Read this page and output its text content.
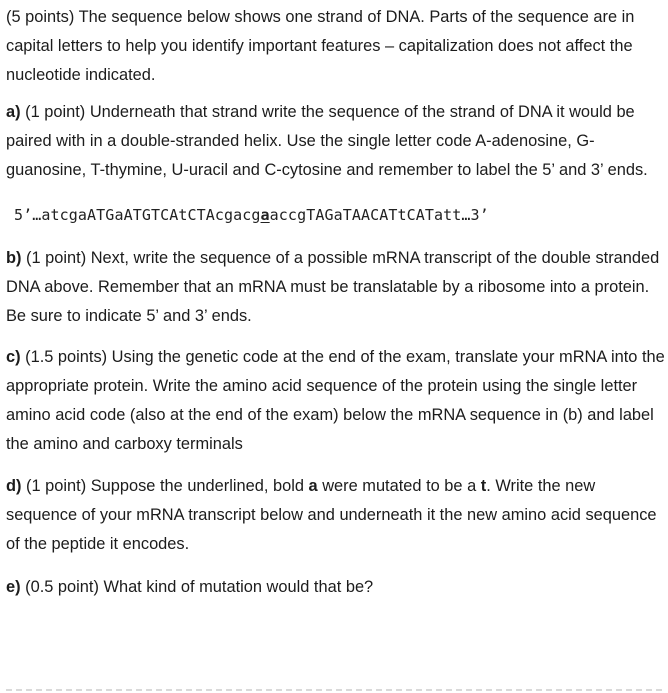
(5 points) The sequence below shows one strand of DNA. Parts of the sequence are in capital letters to help you identify important features – capitalization does not affect the nucleotide indicated.

a) (1 point) Underneath that strand write the sequence of the strand of DNA it would be paired with in a double-stranded helix. Use the single letter code A-adenosine, G-guanosine, T-thymine, U-uracil and C-cytosine and remember to label the 5’ and 3’ ends.

5’…atcgaATGaATGTCAtCTAcgacgaaccgTAGaTAACATtCATatt…3’

b) (1 point) Next, write the sequence of a possible mRNA transcript of the double stranded DNA above. Remember that an mRNA must be translatable by a ribosome into a protein. Be sure to indicate 5’ and 3’ ends.

c) (1.5 points) Using the genetic code at the end of the exam, translate your mRNA into the appropriate protein. Write the amino acid sequence of the protein using the single letter amino acid code (also at the end of the exam) below the mRNA sequence in (b) and label the amino and carboxy terminals

d) (1 point) Suppose the underlined, bold a were mutated to be a t. Write the new sequence of your mRNA transcript below and underneath it the new amino acid sequence of the peptide it encodes.

e) (0.5 point) What kind of mutation would that be?
